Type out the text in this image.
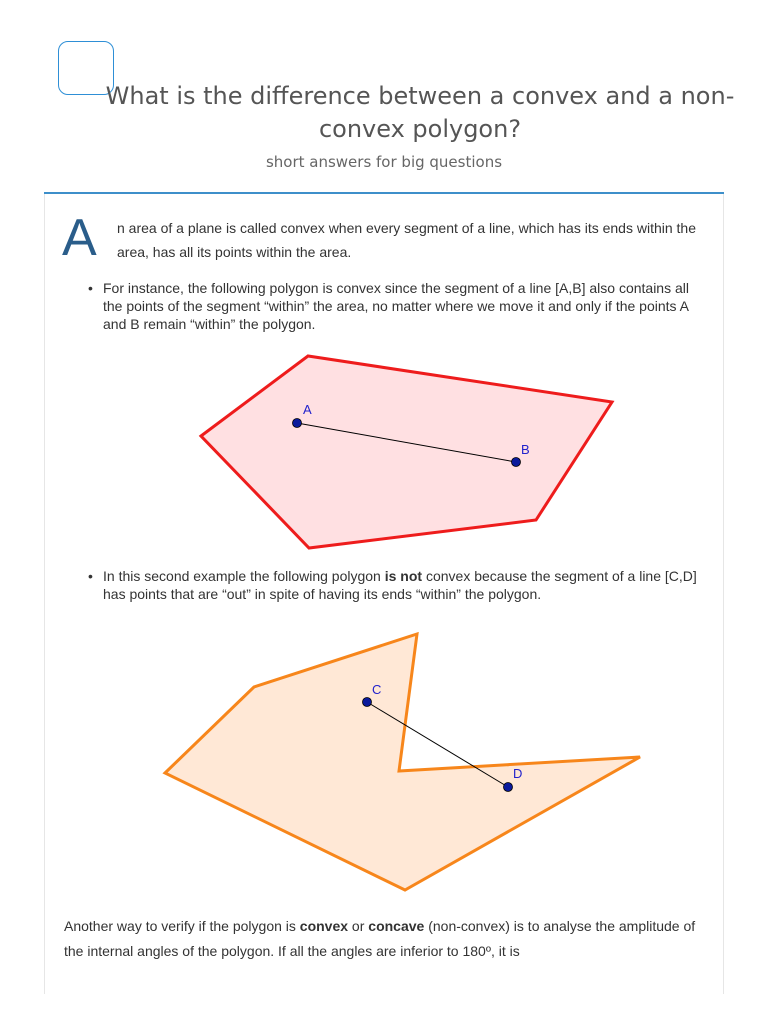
What is the difference between a convex and a non-convex polygon?
short answers for big questions
A n area of a plane is called convex when every segment of a line, which has its ends within the area, has all its points within the area.
• For instance, the following polygon is convex since the segment of a line [A,B] also contains all the points of the segment “within” the area, no matter where we move it and only if the points A and B remain “within” the polygon.
A
B
• In this second example the following polygon is not convex because the segment of a line [C,D] has points that are “out” in spite of having its ends “within” the polygon.
C
D
Another way to verify if the polygon is convex or concave (non-convex) is to analyse the amplitude of the internal angles of the polygon. If all the angles are inferior to 180º, it is
